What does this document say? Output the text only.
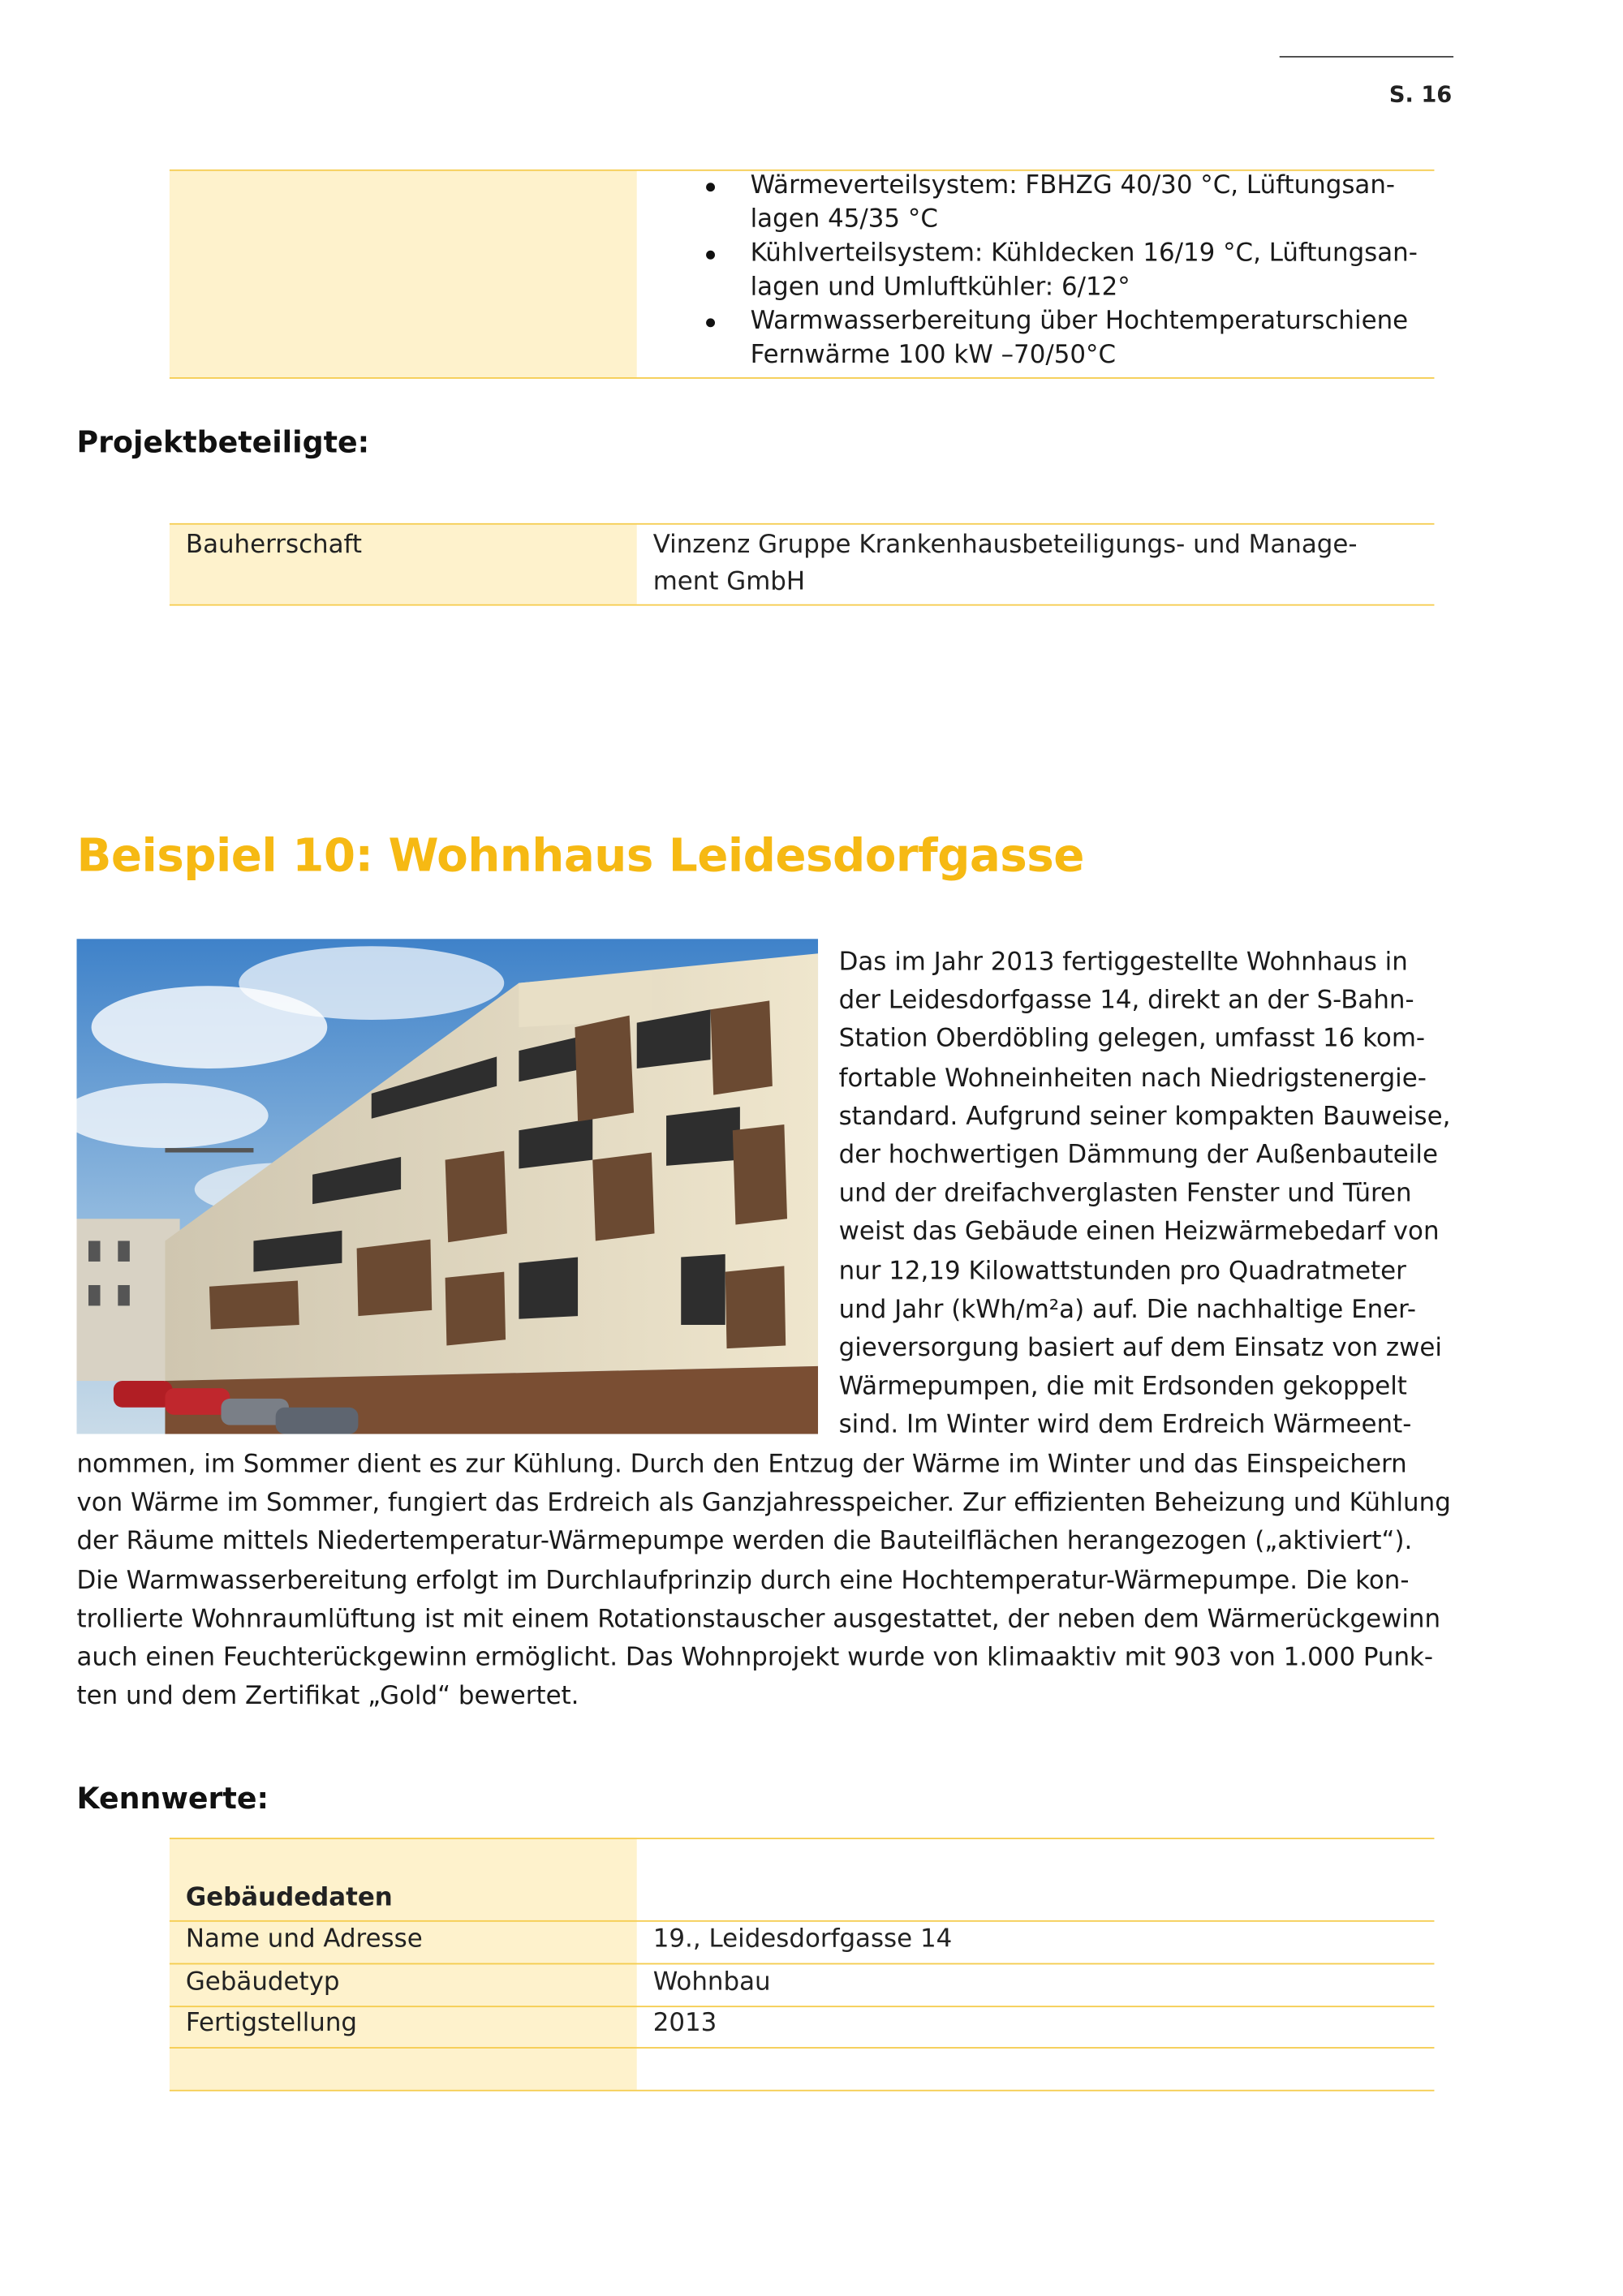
S. 16
Wärmeverteilsystem: FBHZG 40/30 °C, Lüftungsan-
lagen 45/35 °C
Kühlverteilsystem: Kühldecken 16/19 °C, Lüftungsan-
lagen und Umluftkühler: 6/12°
Warmwasserbereitung über Hochtemperaturschiene
Fernwärme 100 kW –70/50°C
Projektbeteiligte:
Bauherrschaft	Vinzenz Gruppe Krankenhausbeteiligungs- und Manage-
ment GmbH
Beispiel 10: Wohnhaus Leidesdorfgasse
Das im Jahr 2013 fertiggestellte Wohnhaus in
der Leidesdorfgasse 14, direkt an der S-Bahn-
Station Oberdöbling gelegen, umfasst 16 kom-
fortable Wohneinheiten nach Niedrigstenergie-
standard. Aufgrund seiner kompakten Bauweise,
der hochwertigen Dämmung der Außenbauteile
und der dreifachverglasten Fenster und Türen
weist das Gebäude einen Heizwärmebedarf von
nur 12,19 Kilowattstunden pro Quadratmeter
und Jahr (kWh/m²a) auf. Die nachhaltige Ener-
gieversorgung basiert auf dem Einsatz von zwei
Wärmepumpen, die mit Erdsonden gekoppelt
sind. Im Winter wird dem Erdreich Wärmeent-
nommen, im Sommer dient es zur Kühlung. Durch den Entzug der Wärme im Winter und das Einspeichern
von Wärme im Sommer, fungiert das Erdreich als Ganzjahresspeicher. Zur effizienten Beheizung und Kühlung
der Räume mittels Niedertemperatur-Wärmepumpe werden die Bauteilflächen herangezogen („aktiviert“).
Die Warmwasserbereitung erfolgt im Durchlaufprinzip durch eine Hochtemperatur-Wärmepumpe. Die kon-
trollierte Wohnraumlüftung ist mit einem Rotationstauscher ausgestattet, der neben dem Wärmerückgewinn
auch einen Feuchterückgewinn ermöglicht. Das Wohnprojekt wurde von klimaaktiv mit 903 von 1.000 Punk-
ten und dem Zertifikat „Gold“ bewertet.
Kennwerte:
Gebäudedaten
Name und Adresse	19., Leidesdorfgasse 14
Gebäudetyp	Wohnbau
Fertigstellung	2013
